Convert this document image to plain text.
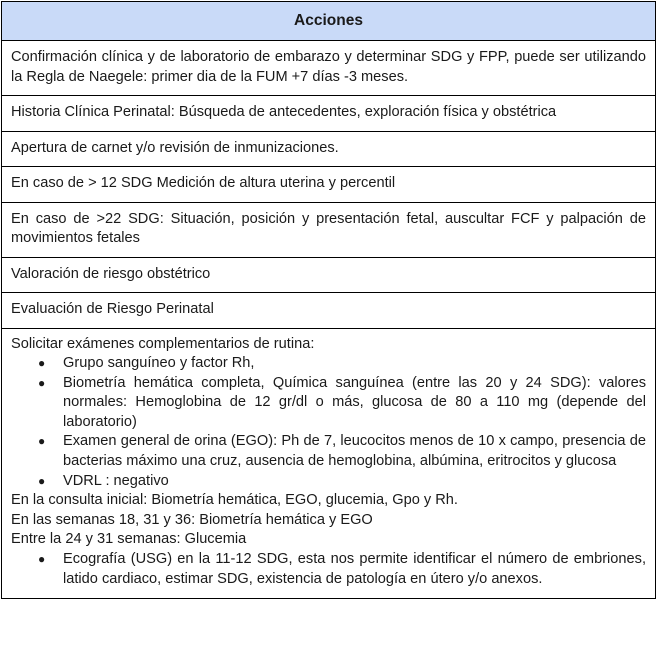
Acciones
Confirmación clínica y de laboratorio de embarazo y determinar SDG y FPP, puede ser utilizando la Regla de Naegele: primer dia de la FUM +7 días -3 meses.
Historia Clínica Perinatal: Búsqueda de antecedentes, exploración física y obstétrica
Apertura de carnet y/o revisión de inmunizaciones.
En caso de > 12 SDG Medición de altura uterina y percentil
En caso de >22 SDG: Situación, posición y presentación fetal, auscultar FCF y palpación de movimientos fetales
Valoración de riesgo obstétrico
Evaluación de Riesgo Perinatal

Solicitar exámenes complementarios de rutina:
● Grupo sanguíneo y factor Rh,
● Biometría hemática completa, Química sanguínea (entre las 20 y 24 SDG): valores normales: Hemoglobina de 12 gr/dl o más, glucosa de 80 a 110 mg (depende del laboratorio)
● Examen general de orina (EGO): Ph de 7, leucocitos menos de 10 x campo, presencia de bacterias máximo una cruz, ausencia de hemoglobina, albúmina, eritrocitos y glucosa
● VDRL : negativo
En la consulta inicial: Biometría hemática, EGO, glucemia, Gpo y Rh.
En las semanas 18, 31 y 36: Biometría hemática y EGO
Entre la 24 y 31 semanas: Glucemia
● Ecografía (USG) en la 11-12 SDG, esta nos permite identificar el número de embriones, latido cardiaco, estimar SDG, existencia de patología en útero y/o anexos.
